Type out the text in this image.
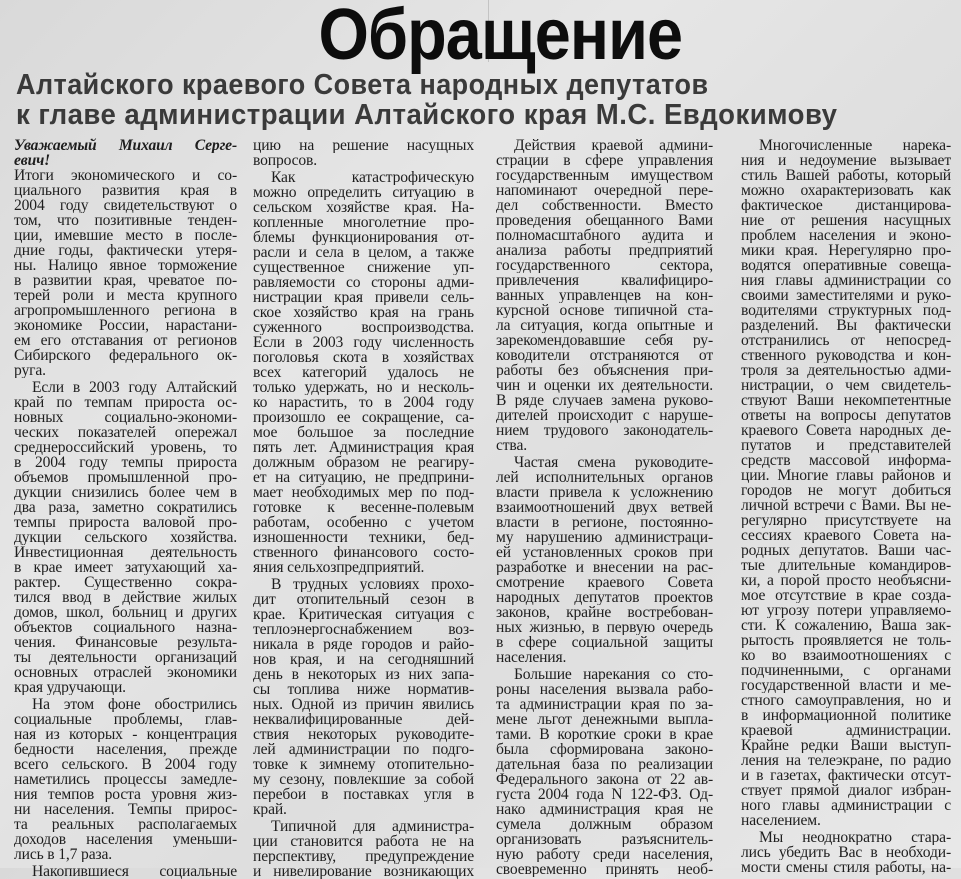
Обращение
Алтайского краевого Совета народных депутатов
к главе администрации Алтайского края М.С. Евдокимову
Уважаемый Михаил Серге-
евич!
Итоги экономического и со-
циального развития края в
2004 году свидетельствуют о
том, что позитивные тенден-
ции, имевшие место в после-
дние годы, фактически утеря-
ны. Налицо явное торможение
в развитии края, чреватое по-
терей роли и места крупного
агропромышленного региона в
экономике России, нарастани-
ем его отставания от регионов
Сибирского федерального ок-
руга.
Если в 2003 году Алтайский
край по темпам прироста ос-
новных социально-экономи-
ческих показателей опережал
среднероссийский уровень, то
в 2004 году темпы прироста
объемов промышленной про-
дукции снизились более чем в
два раза, заметно сократились
темпы прироста валовой про-
дукции сельского хозяйства.
Инвестиционная деятельность
в крае имеет затухающий ха-
рактер. Существенно сокра-
тился ввод в действие жилых
домов, школ, больниц и других
объектов социального назна-
чения. Финансовые результа-
ты деятельности организаций
основных отраслей экономики
края удручающи.
На этом фоне обострились
социальные проблемы, глав-
ная из которых - концентрация
бедности населения, прежде
всего сельского. В 2004 году
наметились процессы замедле-
ния темпов роста уровня жиз-
ни населения. Темпы прирос-
та реальных располагаемых
доходов населения уменьши-
лись в 1,7 раза.
Накопившиеся социальные
цию на решение насущных
вопросов.
Как катастрофическую
можно определить ситуацию в
сельском хозяйстве края. На-
копленные многолетние про-
блемы функционирования от-
расли и села в целом, а также
существенное снижение уп-
равляемости со стороны адми-
нистрации края привели сель-
ское хозяйство края на грань
суженного воспроизводства.
Если в 2003 году численность
поголовья скота в хозяйствах
всех категорий удалось не
только удержать, но и несколь-
ко нарастить, то в 2004 году
произошло ее сокращение, са-
мое большое за последние
пять лет. Администрация края
должным образом не реагиру-
ет на ситуацию, не предприни-
мает необходимых мер по под-
готовке к весенне-полевым
работам, особенно с учетом
изношенности техники, бед-
ственного финансового состо-
яния сельхозпредприятий.
В трудных условиях прохо-
дит отопительный сезон в
крае. Критическая ситуация с
теплоэнергоснабжением воз-
никала в ряде городов и райо-
нов края, и на сегодняшний
день в некоторых из них запа-
сы топлива ниже норматив-
ных. Одной из причин явились
неквалифицированные дей-
ствия некоторых руководите-
лей администрации по подго-
товке к зимнему отопительно-
му сезону, повлекшие за собой
перебои в поставках угля в
край.
Типичной для администра-
ции становится работа не на
перспективу, предупреждение
и нивелирование возникающих
Действия краевой админи-
страции в сфере управления
государственным имуществом
напоминают очередной пере-
дел собственности. Вместо
проведения обещанного Вами
полномасштабного аудита и
анализа работы предприятий
государственного сектора,
привлечения квалифициро-
ванных управленцев на кон-
курсной основе типичной ста-
ла ситуация, когда опытные и
зарекомендовавшие себя ру-
ководители отстраняются от
работы без объяснения при-
чин и оценки их деятельности.
В ряде случаев замена руково-
дителей происходит с наруше-
нием трудового законодатель-
ства.
Частая смена руководите-
лей исполнительных органов
власти привела к усложнению
взаимоотношений двух ветвей
власти в регионе, постоянно-
му нарушению администраци-
ей установленных сроков при
разработке и внесении на рас-
смотрение краевого Совета
народных депутатов проектов
законов, крайне востребован-
ных жизнью, в первую очередь
в сфере социальной защиты
населения.
Большие нарекания со сто-
роны населения вызвала рабо-
та администрации края по за-
мене льгот денежными выпла-
тами. В короткие сроки в крае
была сформирована законо-
дательная база по реализации
Федерального закона от 22 ав-
густа 2004 года N 122-ФЗ. Од-
нако администрация края не
сумела должным образом
организовать разъяснитель-
ную работу среди населения,
своевременно принять необ-
Многочисленные нарека-
ния и недоумение вызывает
стиль Вашей работы, который
можно охарактеризовать как
фактическое дистанцирова-
ние от решения насущных
проблем населения и эконо-
мики края. Нерегулярно про-
водятся оперативные совеща-
ния главы администрации со
своими заместителями и руко-
водителями структурных под-
разделений. Вы фактически
отстранились от непосред-
ственного руководства и кон-
троля за деятельностью адми-
нистрации, о чем свидетель-
ствуют Ваши некомпетентные
ответы на вопросы депутатов
краевого Совета народных де-
путатов и представителей
средств массовой информа-
ции. Многие главы районов и
городов не могут добиться
личной встречи с Вами. Вы не-
регулярно присутствуете на
сессиях краевого Совета на-
родных депутатов. Ваши час-
тые длительные командиров-
ки, а порой просто необъясни-
мое отсутствие в крае созда-
ют угрозу потери управляемо-
сти. К сожалению, Ваша зак-
рытость проявляется не толь-
ко во взаимоотношениях с
подчиненными, с органами
государственной власти и ме-
стного самоуправления, но и
в информационной политике
краевой администрации.
Крайне редки Ваши выступ-
ления на телеэкране, по радио
и в газетах, фактически отсут-
ствует прямой диалог избран-
ного главы администрации с
населением.
Мы неоднократно стара-
лись убедить Вас в необходи-
мости смены стиля работы, на-
